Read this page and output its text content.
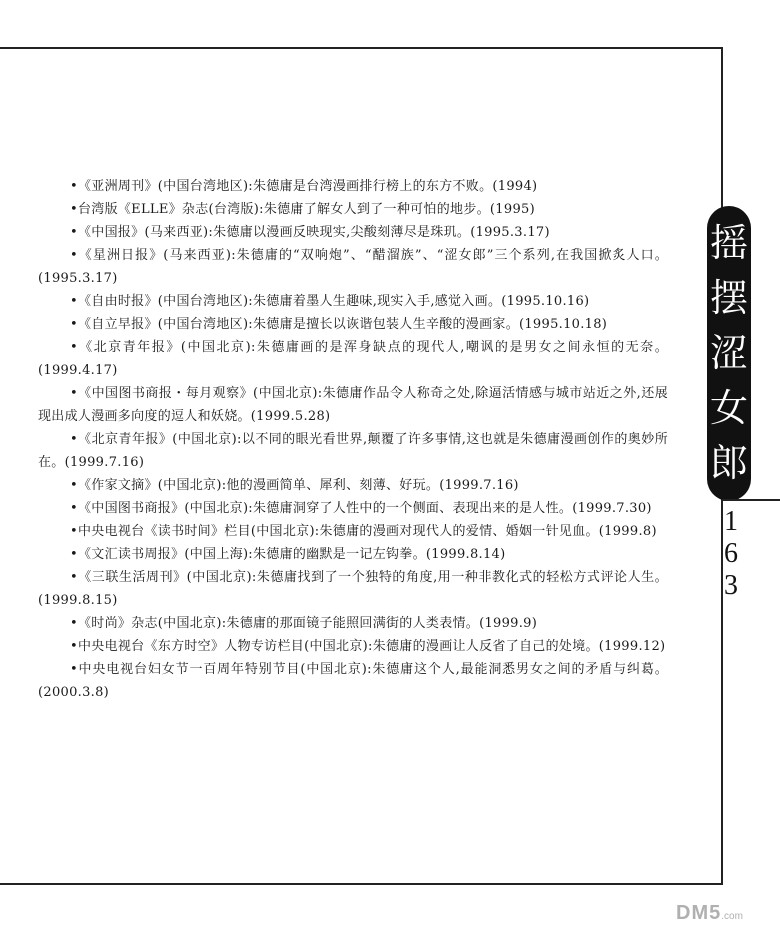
•《亚洲周刊》(中国台湾地区):朱德庸是台湾漫画排行榜上的东方不败。(1994)

•台湾版《ELLE》杂志(台湾版):朱德庸了解女人到了一种可怕的地步。(1995)

•《中国报》(马来西亚):朱德庸以漫画反映现实,尖酸刻薄尽是珠玑。(1995.3.17)

•《星洲日报》(马来西亚):朱德庸的“双响炮”、“醋溜族”、“涩女郎”三个系列,在我国掀炙人口。(1995.3.17)

•《自由时报》(中国台湾地区):朱德庸着墨人生趣味,现实入手,感觉入画。(1995.10.16)

•《自立早报》(中国台湾地区):朱德庸是擅长以诙谐包装人生辛酸的漫画家。(1995.10.18)

•《北京青年报》(中国北京):朱德庸画的是浑身缺点的现代人,嘲讽的是男女之间永恒的无奈。(1999.4.17)

•《中国图书商报・每月观察》(中国北京):朱德庸作品令人称奇之处,除逼活情感与城市站近之外,还展现出成人漫画多向度的逗人和妖娆。(1999.5.28)

•《北京青年报》(中国北京):以不同的眼光看世界,颠覆了许多事情,这也就是朱德庸漫画创作的奥妙所在。(1999.7.16)

•《作家文摘》(中国北京):他的漫画简单、犀利、刻薄、好玩。(1999.7.16)

•《中国图书商报》(中国北京):朱德庸洞穿了人性中的一个侧面、表现出来的是人性。(1999.7.30)

•中央电视台《读书时间》栏目(中国北京):朱德庸的漫画对现代人的爱情、婚姻一针见血。(1999.8)

•《文汇读书周报》(中国上海):朱德庸的幽默是一记左钩拳。(1999.8.14)

•《三联生活周刊》(中国北京):朱德庸找到了一个独特的角度,用一种非教化式的轻松方式评论人生。(1999.8.15)

•《时尚》杂志(中国北京):朱德庸的那面镜子能照回满街的人类表情。(1999.9)

•中央电视台《东方时空》人物专访栏目(中国北京):朱德庸的漫画让人反省了自己的处境。(1999.12)

•中央电视台妇女节一百周年特别节目(中国北京):朱德庸这个人,最能洞悉男女之间的矛盾与纠葛。(2000.3.8)

摇
摆
涩
女
郎
1
6
3
DM5.com
